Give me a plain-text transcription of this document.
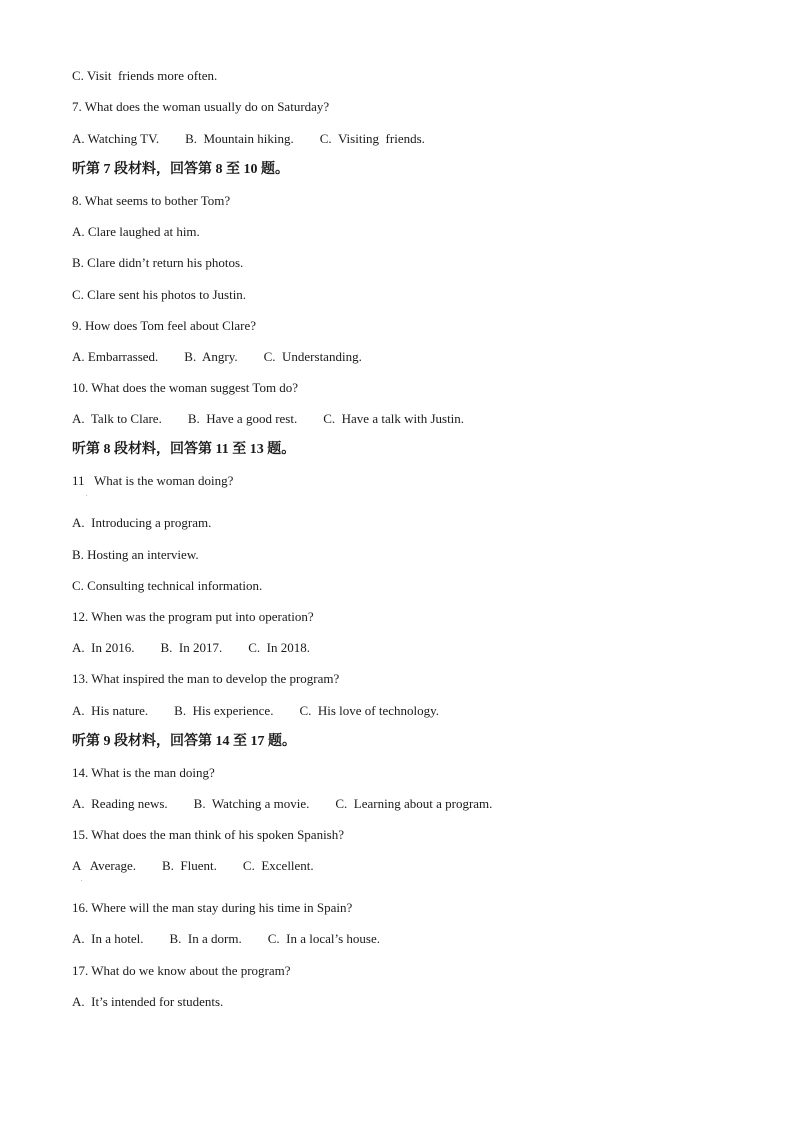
C. Visit  friends more often.
7. What does the woman usually do on Saturday?
A. Watching TV.        B.  Mountain hiking.        C.  Visiting  friends.
听第 7 段材料，回答第 8 至 10 题。
8. What seems to bother Tom?
A. Clare laughed at him.
B. Clare didn’t return his photos.
C. Clare sent his photos to Justin.
9. How does Tom feel about Clare?
A. Embarrassed.        B.  Angry.        C.  Understanding.
10. What does the woman suggest Tom do?
A.  Talk to Clare.        B.  Have a good rest.        C.  Have a talk with Justin.
听第 8 段材料，回答第 11 至 13 题。
11   What is the woman doing?
.
A.  Introducing a program.
B. Hosting an interview.
C. Consulting technical information.
12. When was the program put into operation?
A.  In 2016.        B.  In 2017.        C.  In 2018.
13. What inspired the man to develop the program?
A.  His nature.        B.  His experience.        C.  His love of technology.
听第 9 段材料，回答第 14 至 17 题。
14. What is the man doing?
A.  Reading news.        B.  Watching a movie.        C.  Learning about a program.
15. What does the man think of his spoken Spanish?
A   Average.        B.  Fluent.        C.  Excellent.
.
16. Where will the man stay during his time in Spain?
A.  In a hotel.        B.  In a dorm.        C.  In a local’s house.
17. What do we know about the program?
A.  It’s intended for students.
